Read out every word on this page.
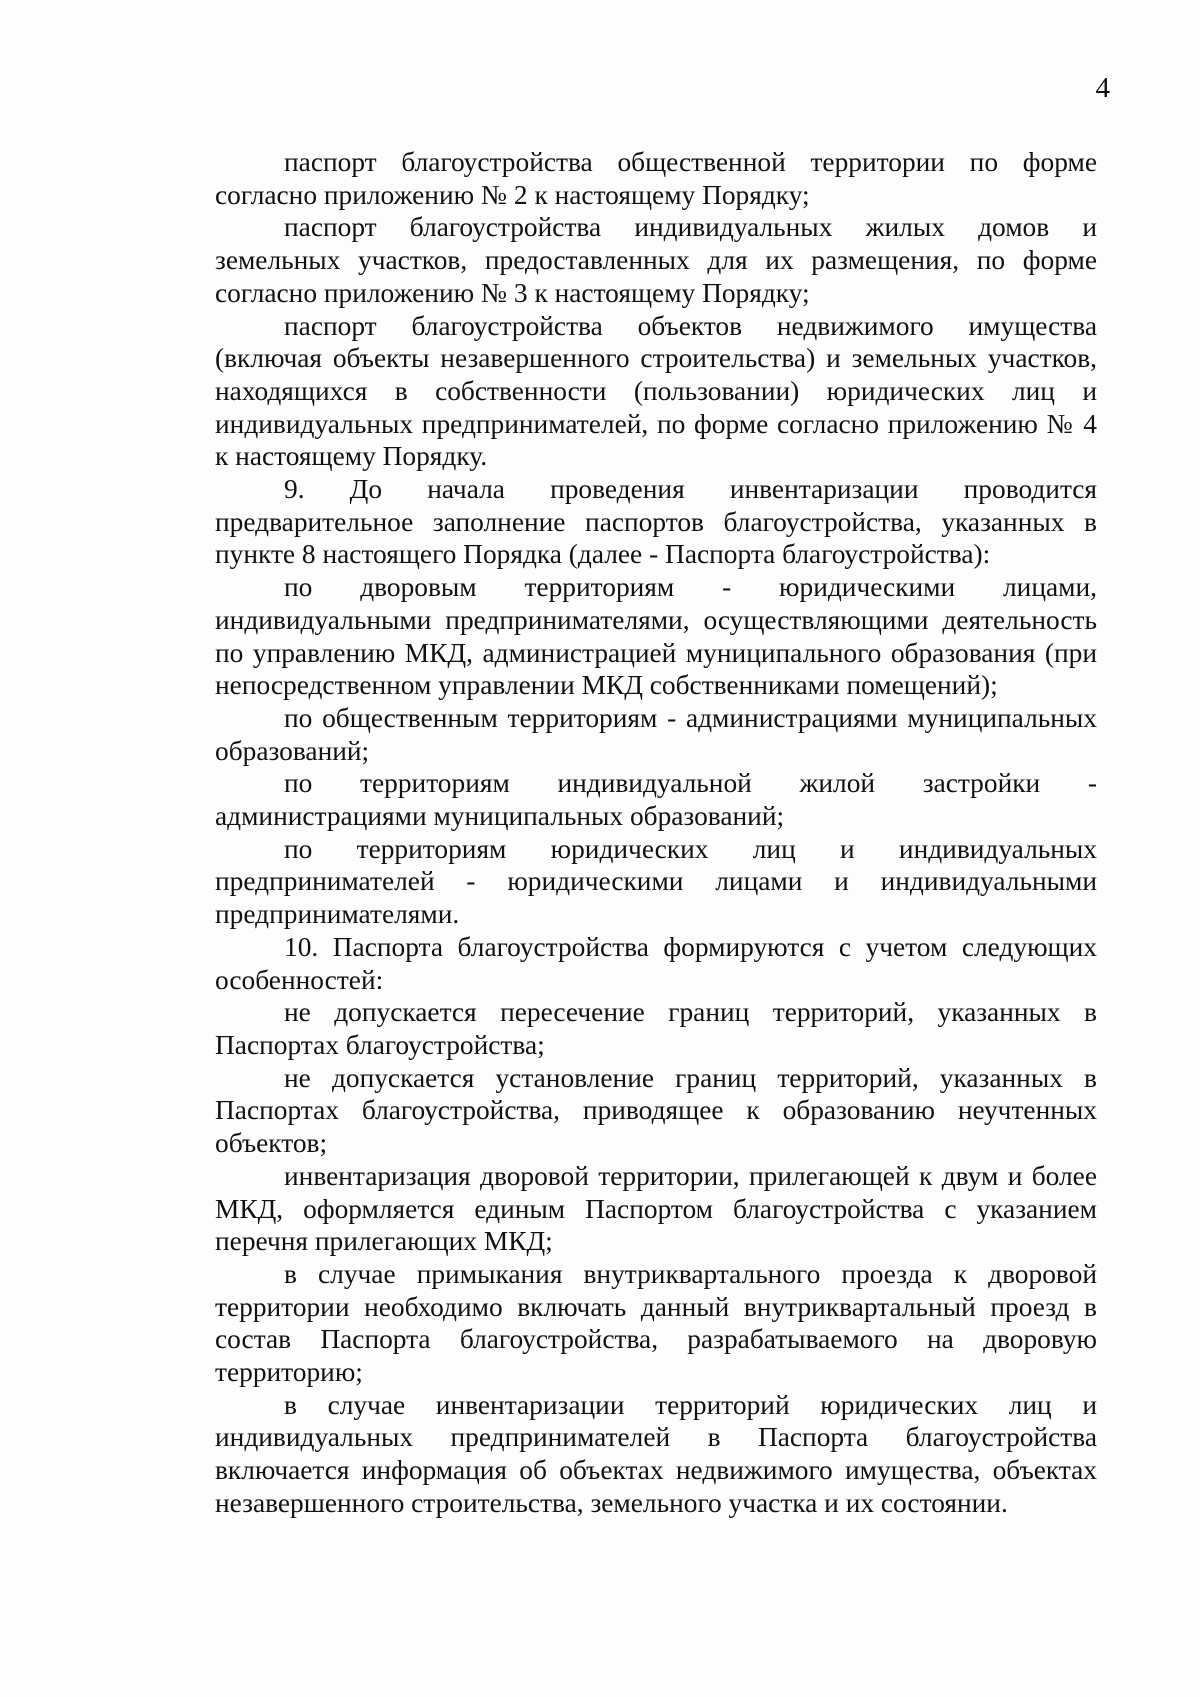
4

паспорт благоустройства общественной территории по форме согласно приложению № 2 к настоящему Порядку;

паспорт благоустройства индивидуальных жилых домов и земельных участков, предоставленных для их размещения, по форме согласно приложению № 3 к настоящему Порядку;

паспорт благоустройства объектов недвижимого имущества (включая объекты незавершенного строительства) и земельных участков, находящихся в собственности (пользовании) юридических лиц и индивидуальных предпринимателей, по форме согласно приложению № 4 к настоящему Порядку.

9. До начала проведения инвентаризации проводится предварительное заполнение паспортов благоустройства, указанных в пункте 8 настоящего Порядка (далее - Паспорта благоустройства):

по дворовым территориям - юридическими лицами, индивидуальными предпринимателями, осуществляющими деятельность по управлению МКД, администрацией муниципального образования (при непосредственном управлении МКД собственниками помещений);

по общественным территориям - администрациями муниципальных образований;

по территориям индивидуальной жилой застройки - администрациями муниципальных образований;

по территориям юридических лиц и индивидуальных предпринимателей - юридическими лицами и индивидуальными предпринимателями.

10. Паспорта благоустройства формируются с учетом следующих особенностей:

не допускается пересечение границ территорий, указанных в Паспортах благоустройства;

не допускается установление границ территорий, указанных в Паспортах благоустройства, приводящее к образованию неучтенных объектов;

инвентаризация дворовой территории, прилегающей к двум и более МКД, оформляется единым Паспортом благоустройства с указанием перечня прилегающих МКД;

в случае примыкания внутриквартального проезда к дворовой территории необходимо включать данный внутриквартальный проезд в состав Паспорта благоустройства, разрабатываемого на дворовую территорию;

в случае инвентаризации территорий юридических лиц и индивидуальных предпринимателей в Паспорта благоустройства включается информация об объектах недвижимого имущества, объектах незавершенного строительства, земельного участка и их состоянии.
